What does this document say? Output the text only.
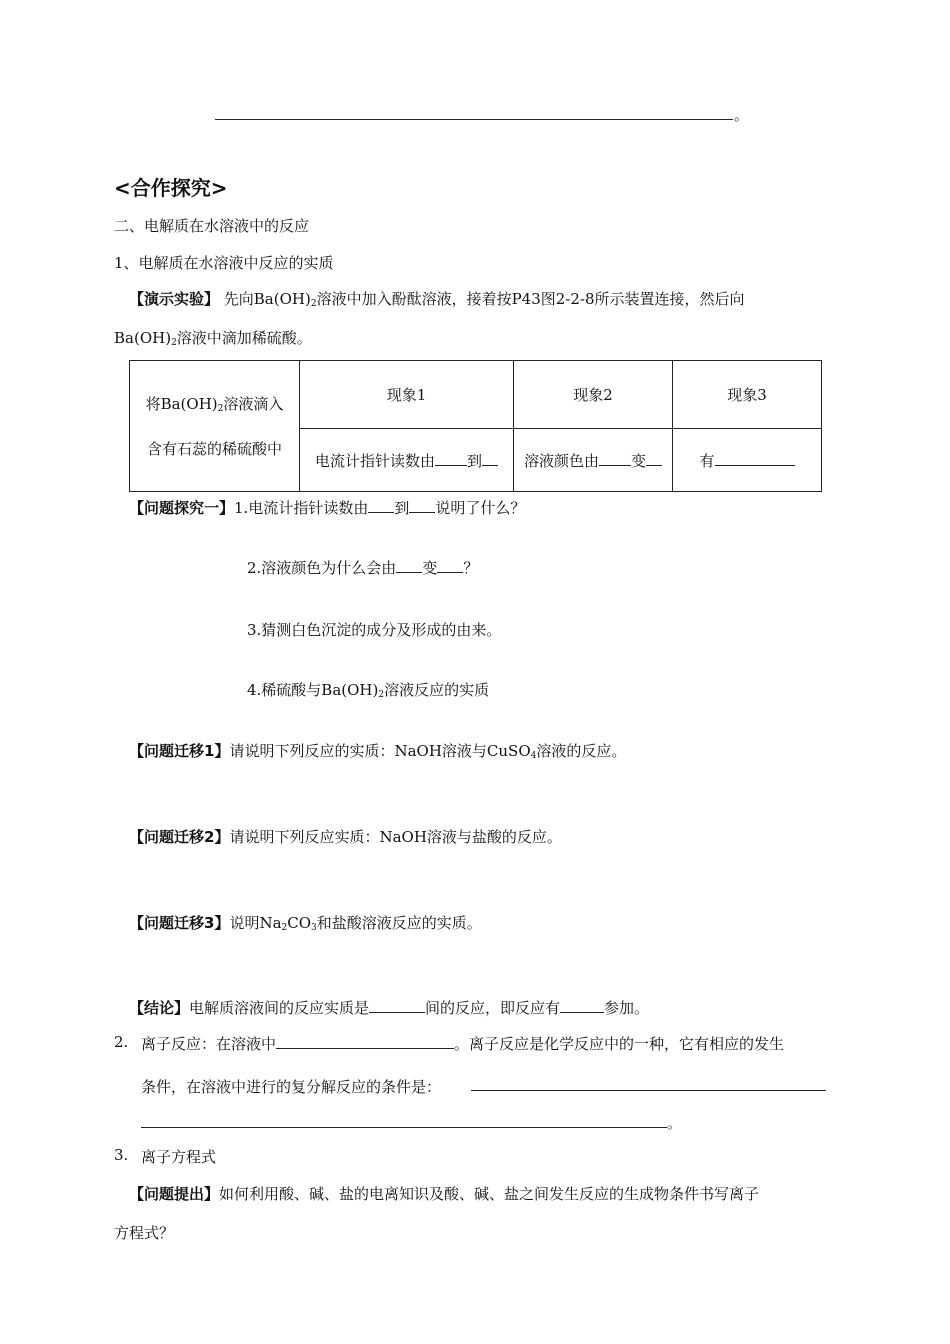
。
<合作探究>
二、电解质在水溶液中的反应
1、电解质在水溶液中反应的实质
【演示实验】 先向$Ba(OH)_2$溶液中加入酚酞溶液，接着按P43图2-2-8所示装置连接，然后向
$Ba(OH)_2$溶液中滴加稀硫酸。
将$Ba(OH)_2$溶液滴入
含有石蕊的稀硫酸中	现象1	现象2	现象3
	电流计指针读数由 到	溶液颜色由 变	有
【问题探究一】1.电流计指针读数由 到 说明了什么？
2.溶液颜色为什么会由 变 ？
3.猜测白色沉淀的成分及形成的由来。
4.稀硫酸与$Ba(OH)_2$溶液反应的实质
【问题迁移1】请说明下列反应的实质：NaOH溶液与CuSO$_4$溶液的反应。
【问题迁移2】请说明下列反应实质：NaOH溶液与盐酸的反应。
【问题迁移3】说明$Na_2CO_3$和盐酸溶液反应的实质。
【结论】电解质溶液间的反应实质是	间的反应，即反应有	参加。
2. 离子反应：在溶液中	。离子反应是化学反应中的一种，它有相应的发生
条件，在溶液中进行的复分解反应的条件是：
。
3. 离子方程式
【问题提出】如何利用酸、碱、盐的电离知识及酸、碱、盐之间发生反应的生成物条件书写离子
方程式？
